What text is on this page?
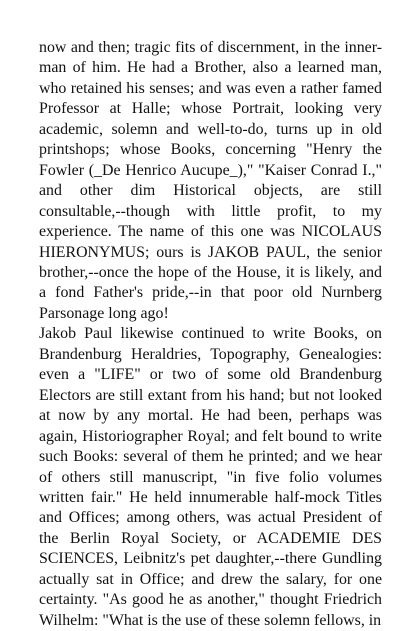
now and then; tragic fits of discernment, in the inner-man of him. He had a Brother, also a learned man, who retained his senses; and was even a rather famed Professor at Halle; whose Portrait, looking very academic, solemn and well-to-do, turns up in old printshops; whose Books, concerning "Henry the Fowler (_De Henrico Aucupe_)," "Kaiser Conrad I.," and other dim Historical objects, are still consultable,--though with little profit, to my experience. The name of this one was NICOLAUS HIERONYMUS; ours is JAKOB PAUL, the senior brother,--once the hope of the House, it is likely, and a fond Father's pride,--in that poor old Nurnberg Parsonage long ago!

Jakob Paul likewise continued to write Books, on Brandenburg Heraldries, Topography, Genealogies: even a "LIFE" or two of some old Brandenburg Electors are still extant from his hand; but not looked at now by any mortal. He had been, perhaps was again, Historiographer Royal; and felt bound to write such Books: several of them he printed; and we hear of others still manuscript, "in five folio volumes written fair." He held innumerable half-mock Titles and Offices; among others, was actual President of the Berlin Royal Society, or ACADEMIE DES SCIENCES, Leibnitz's pet daughter,--there Gundling actually sat in Office; and drew the salary, for one certainty. "As good he as another," thought Friedrich Wilhelm: "What is the use of these solemn fellows, in
